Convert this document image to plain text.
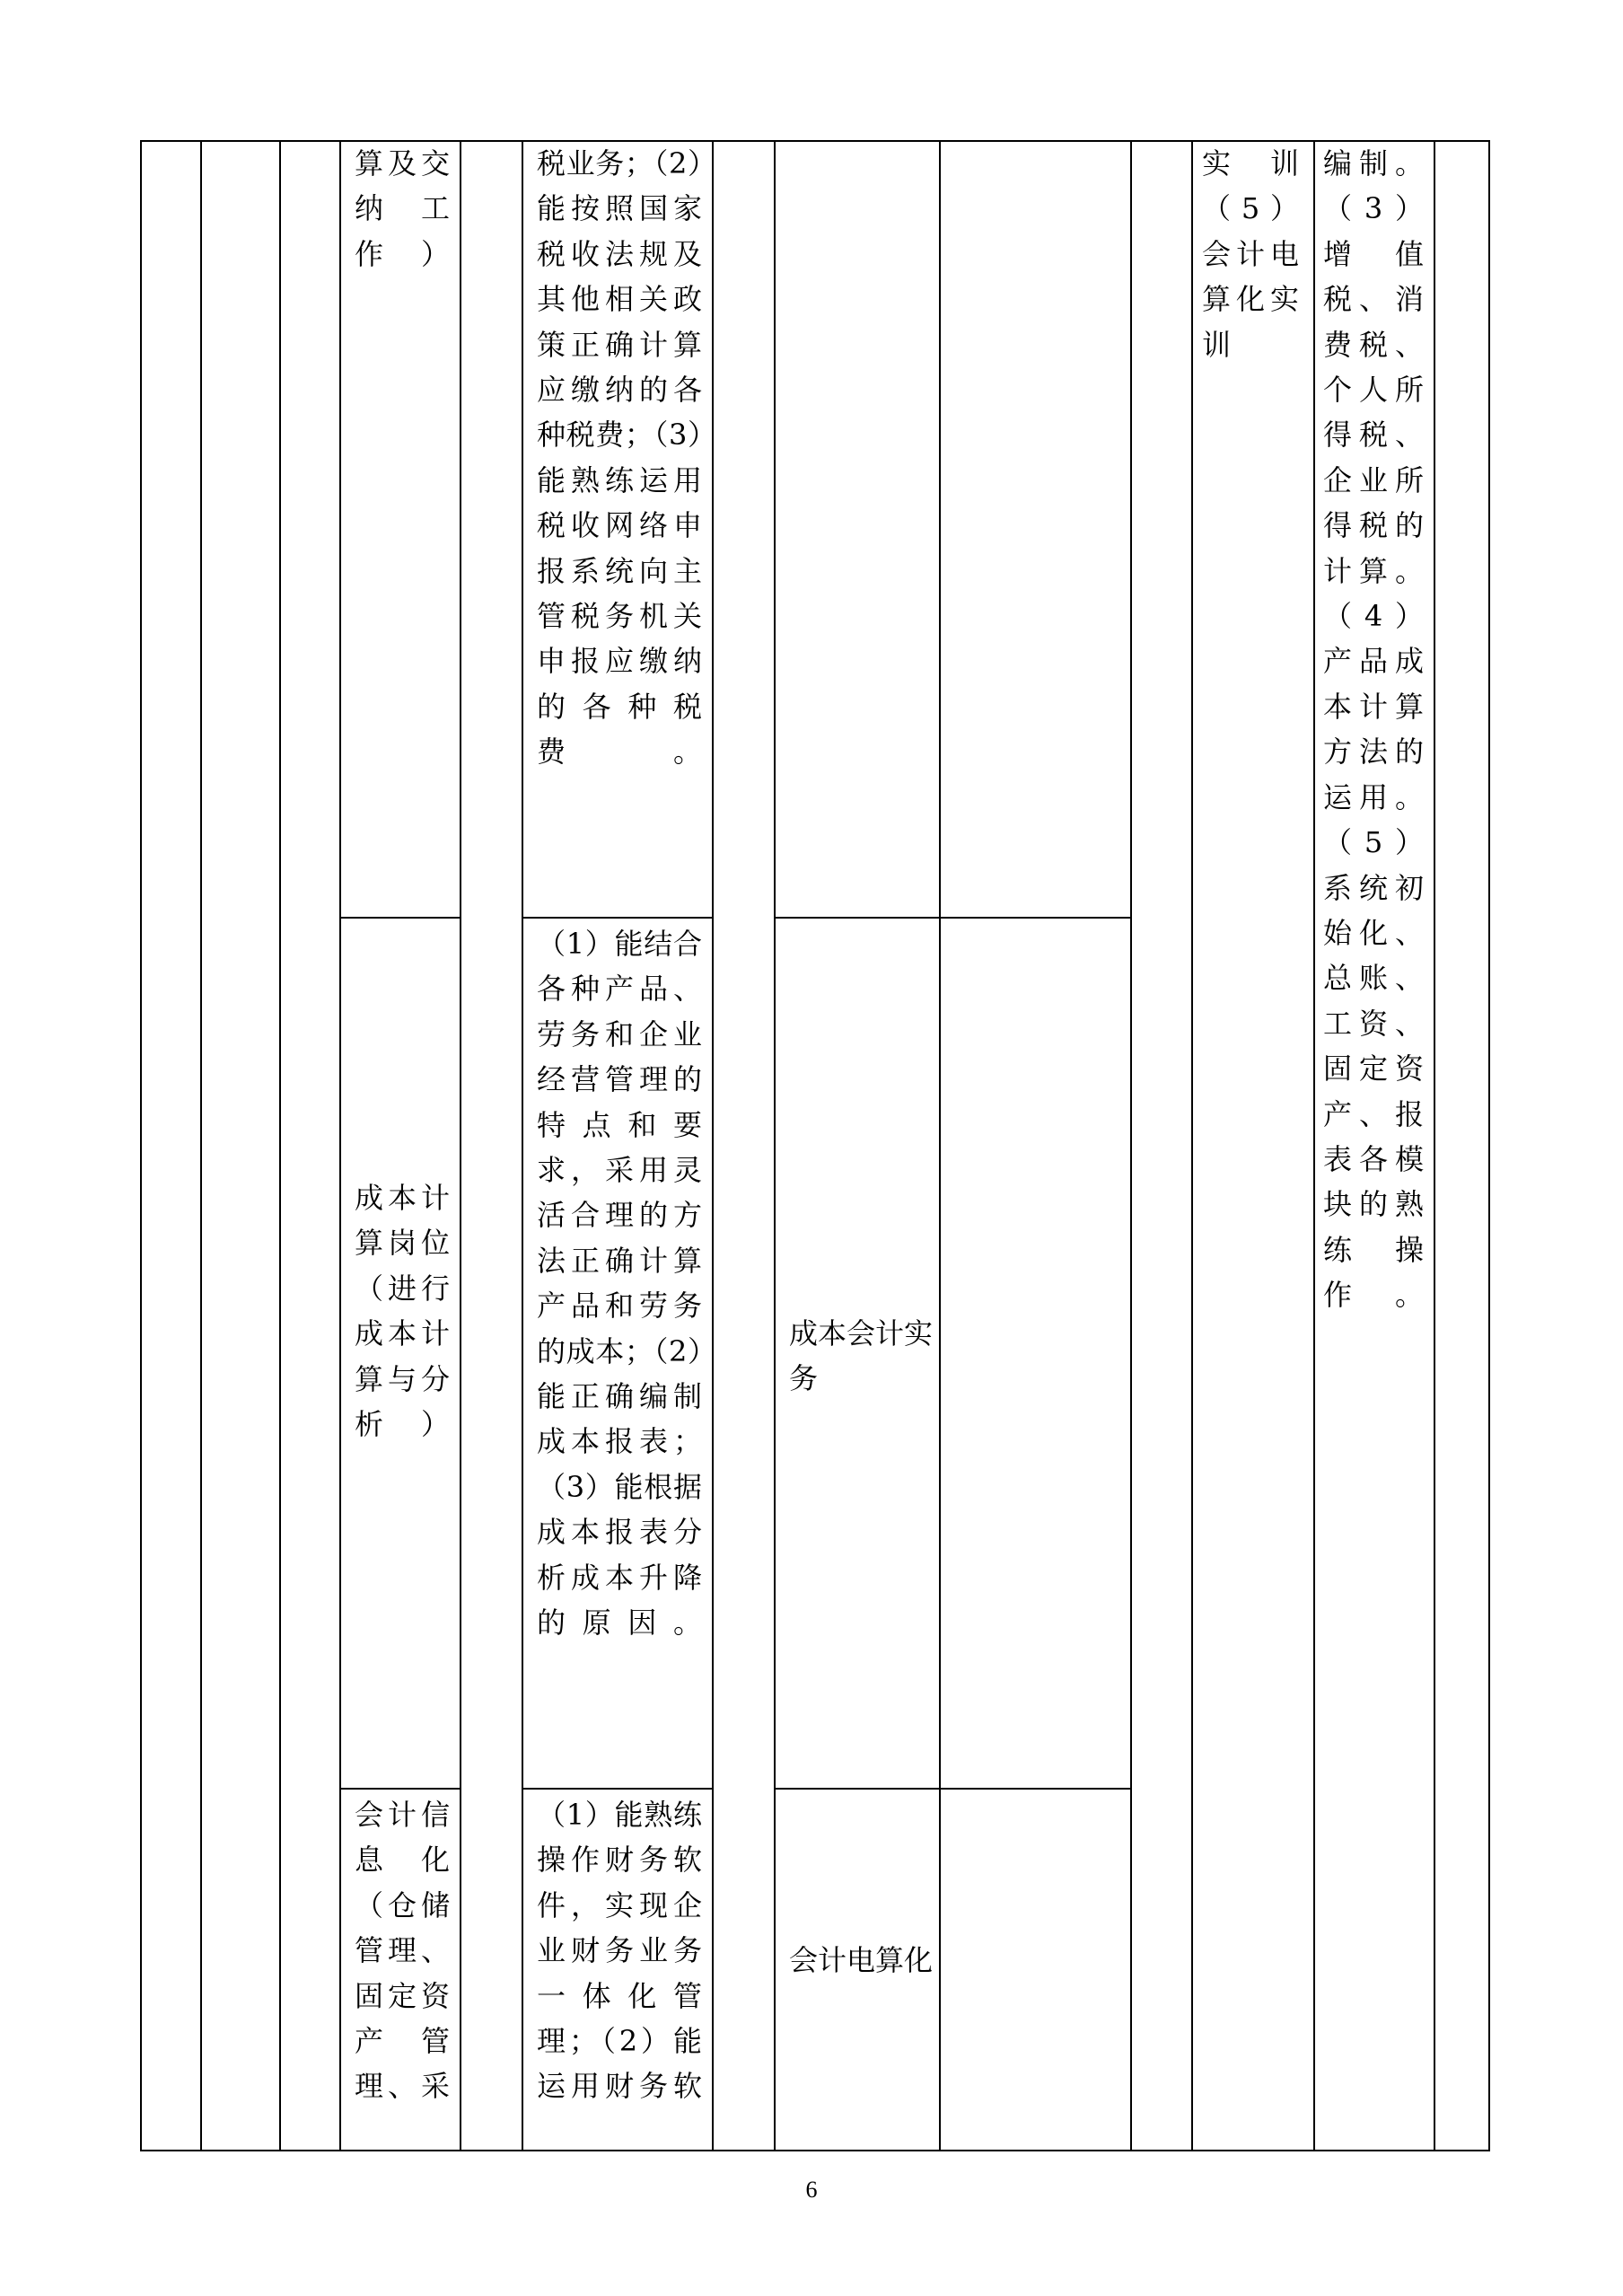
算及交纳工作）
税业务；（2）能按照国家税收法规及其他相关政策正确计算应缴纳的各种税费；（3）能熟练运用税收网络申报系统向主管税务机关申报应缴纳的各种税费。
成本计算岗位（进行成本计算与分析）
（1）能结合各种产品、劳务和企业经营管理的特点和要求，采用灵活合理的方法正确计算产品和劳务的成本；（2）能正确编制成本报表；（3）能根据成本报表分析成本升降的原因。
成本会计实务
会计信息化（仓储管理、固定资产管理、采
（1）能熟练操作财务软件，实现企业财务业务一体化管理；（2）能运用财务软
会计电算化
实训（5）会计电算化实训
编制。（3）增值税、消费税、个人所得税、企业所得税的计算。（4）产品成本计算方法的运用。（5）系统初始化、总账、工资、固定资产、报表各模块的熟练操作。
6
